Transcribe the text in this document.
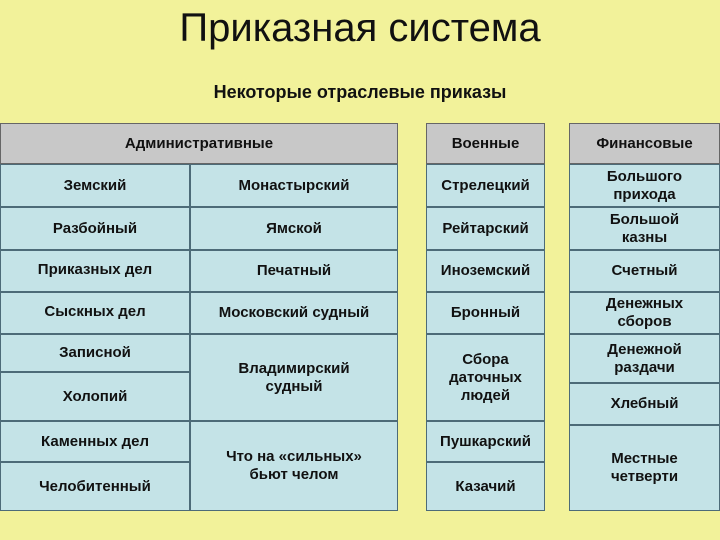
Приказная система
Некоторые отраслевые приказы
Административные	Военные	Финансовые
Земский
Разбойный
Приказных дел
Сыскных дел
Записной
Холопий
Каменных дел
Челобитенный
Монастырский
Ямской
Печатный
Московский судный
Владимирский судный
Что на «сильных» бьют челом
Стрелецкий
Рейтарский
Иноземский
Бронный
Сбора даточных людей
Пушкарский
Казачий
Большого прихода
Большой казны
Счетный
Денежных сборов
Денежной раздачи
Хлебный
Местные четверти
